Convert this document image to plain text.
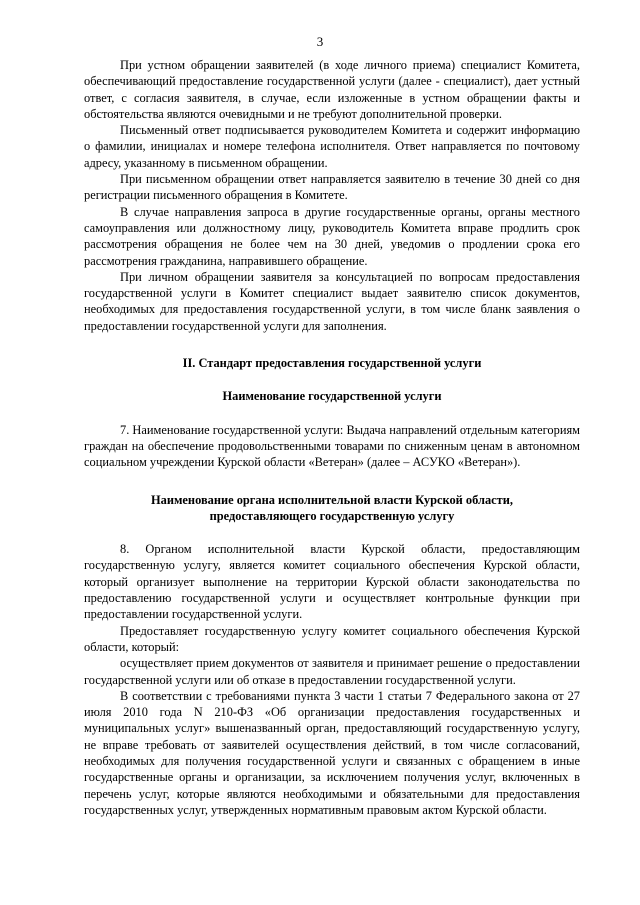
3

При устном обращении заявителей (в ходе личного приема) специалист Комитета, обеспечивающий предоставление государственной услуги (далее - специалист), дает устный ответ, с согласия заявителя, в случае, если изложенные в устном обращении факты и обстоятельства являются очевидными и не требуют дополнительной проверки.

Письменный ответ подписывается руководителем Комитета и содержит информацию о фамилии, инициалах и номере телефона исполнителя. Ответ направляется по почтовому адресу, указанному в письменном обращении.

При письменном обращении ответ направляется заявителю в течение 30 дней со дня регистрации письменного обращения в Комитете.

В случае направления запроса в другие государственные органы, органы местного самоуправления или должностному лицу, руководитель Комитета вправе продлить срок рассмотрения обращения не более чем на 30 дней, уведомив о продлении срока его рассмотрения гражданина, направившего обращение.

При личном обращении заявителя за консультацией по вопросам предоставления государственной услуги в Комитет специалист выдает заявителю список документов, необходимых для предоставления государственной услуги, в том числе бланк заявления о предоставлении государственной услуги для заполнения.

II. Стандарт предоставления государственной услуги

Наименование государственной услуги

7. Наименование государственной услуги: Выдача направлений отдельным категориям граждан на обеспечение продовольственными товарами по сниженным ценам в автономном социальном учреждении Курской области «Ветеран» (далее – АСУКО «Ветеран»).

Наименование органа исполнительной власти Курской области,
предоставляющего государственную услугу

8. Органом исполнительной власти Курской области, предоставляющим государственную услугу, является комитет социального обеспечения Курской области, который организует выполнение на территории Курской области законодательства по предоставлению государственной услуги и осуществляет контрольные функции при предоставлении государственной услуги.

Предоставляет государственную услугу комитет социального обеспечения Курской области, который:

осуществляет прием документов от заявителя и принимает решение о предоставлении государственной услуги или об отказе в предоставлении государственной услуги.

В соответствии с требованиями пункта 3 части 1 статьи 7 Федерального закона от 27 июля 2010 года N 210-ФЗ «Об организации предоставления государственных и муниципальных услуг» вышеназванный орган, предоставляющий государственную услугу, не вправе требовать от заявителей осуществления действий, в том числе согласований, необходимых для получения государственной услуги и связанных с обращением в иные государственные органы и организации, за исключением получения услуг, включенных в перечень услуг, которые являются необходимыми и обязательными для предоставления государственных услуг, утвержденных нормативным правовым актом Курской области.
